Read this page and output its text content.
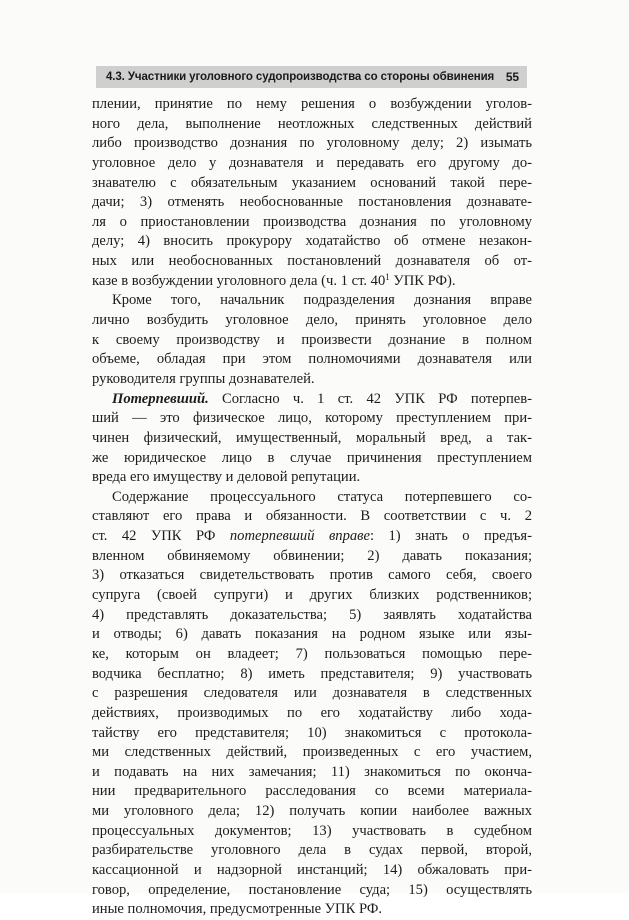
4.3. Участники уголовного судопроизводства со стороны обвинения 55
плении, принятие по нему решения о возбуждении уголов-
ного дела, выполнение неотложных следственных действий
либо производство дознания по уголовному делу; 2) изымать
уголовное дело у дознавателя и передавать его другому до-
знавателю с обязательным указанием оснований такой пере-
дачи; 3) отменять необоснованные постановления дознавате-
ля о приостановлении производства дознания по уголовному
делу; 4) вносить прокурору ходатайство об отмене незакон-
ных или необоснованных постановлений дознавателя об от-
казе в возбуждении уголовного дела (ч. 1 ст. $40^1$ УПК РФ).
Кроме того, начальник подразделения дознания вправе
лично возбудить уголовное дело, принять уголовное дело
к своему производству и произвести дознание в полном
объеме, обладая при этом полномочиями дознавателя или
руководителя группы дознавателей.
Потерпевший. Согласно ч. 1 ст. 42 УПК РФ потерпев-
ший — это физическое лицо, которому преступлением при-
чинен физический, имущественный, моральный вред, а так-
же юридическое лицо в случае причинения преступлением
вреда его имуществу и деловой репутации.
Содержание процессуального статуса потерпевшего со-
ставляют его права и обязанности. В соответствии с ч. 2
ст. 42 УПК РФ потерпевший вправе: 1) знать о предъя-
вленном обвиняемому обвинении; 2) давать показания;
3) отказаться свидетельствовать против самого себя, своего
супруга (своей супруги) и других близких родственников;
4) представлять доказательства; 5) заявлять ходатайства
и отводы; 6) давать показания на родном языке или язы-
ке, которым он владеет; 7) пользоваться помощью пере-
водчика бесплатно; 8) иметь представителя; 9) участвовать
с разрешения следователя или дознавателя в следственных
действиях, производимых по его ходатайству либо хода-
тайству его представителя; 10) знакомиться с протокола-
ми следственных действий, произведенных с его участием,
и подавать на них замечания; 11) знакомиться по оконча-
нии предварительного расследования со всеми материала-
ми уголовного дела; 12) получать копии наиболее важных
процессуальных документов; 13) участвовать в судебном
разбирательстве уголовного дела в судах первой, второй,
кассационной и надзорной инстанций; 14) обжаловать при-
говор, определение, постановление суда; 15) осуществлять
иные полномочия, предусмотренные УПК РФ.
